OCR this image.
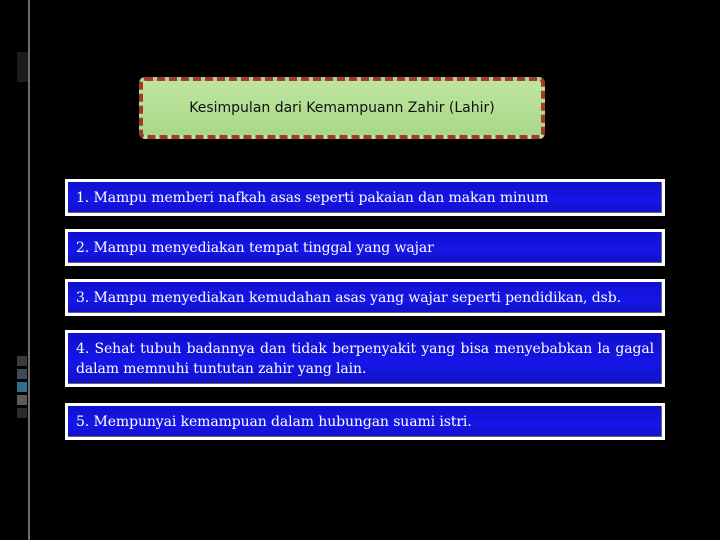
Kesimpulan dari Kemampuann Zahir (Lahir)
1. Mampu memberi nafkah asas seperti pakaian dan makan minum
2. Mampu menyediakan tempat tinggal yang wajar
3. Mampu menyediakan kemudahan asas yang wajar seperti pendidikan, dsb.
4. Sehat tubuh badannya dan tidak berpenyakit yang bisa menyebabkan la gagal dalam memnuhi tuntutan zahir yang lain.
5. Mempunyai kemampuan dalam hubungan suami istri.
